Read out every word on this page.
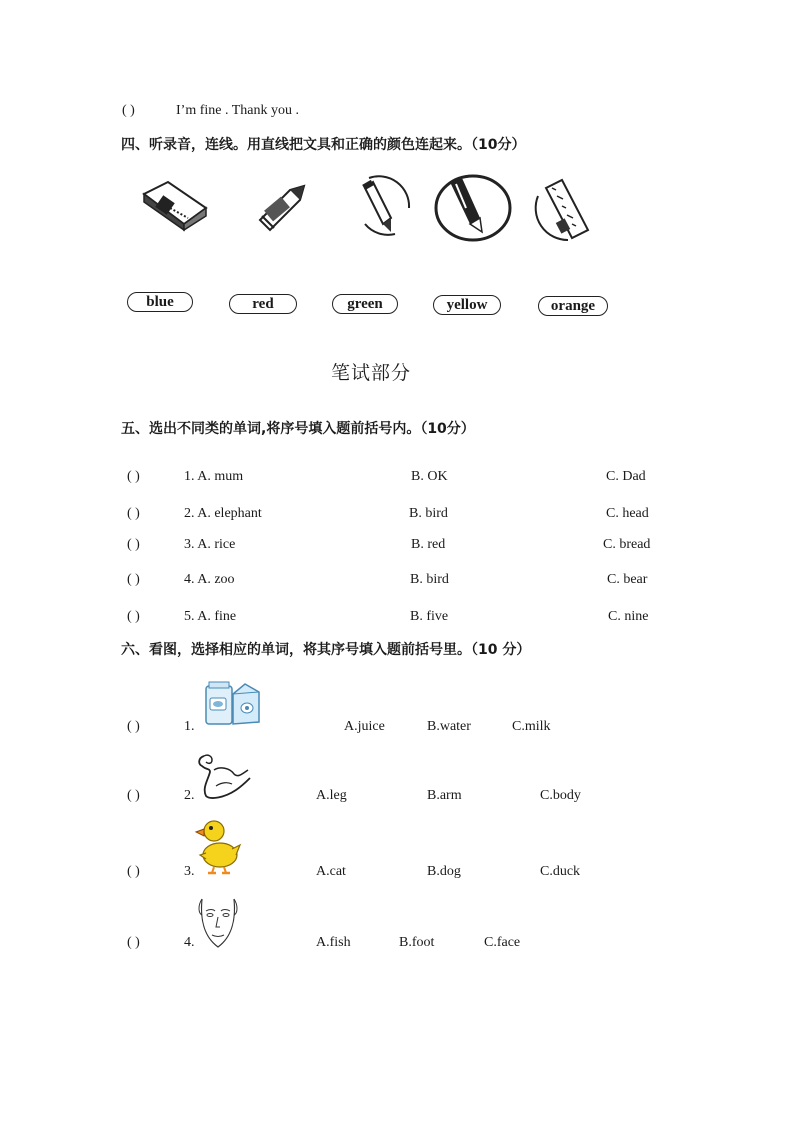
( )	I’m fine . Thank you .
四、听录音，连线。用直线把文具和正确的颜色连起来。（10分）
blue	red	green	yellow	orange
笔试部分
五、选出不同类的单词,将序号填入题前括号内。（10分）
( )	1. A. mum	B. OK	C. Dad
( )	2. A. elephant	B. bird	C. head
( )	3. A. rice	B. red	C. bread
( )	4. A. zoo	B. bird	C. bear
( )	5. A. fine	B. five	C. nine
六、看图，选择相应的单词，将其序号填入题前括号里。（10 分）
( )	1.	A.juice	B.water	C.milk
( )	2.	A.leg	B.arm	C.body
( )	3.	A.cat	B.dog	C.duck
( )	4.	A.fish	B.foot	C.face
